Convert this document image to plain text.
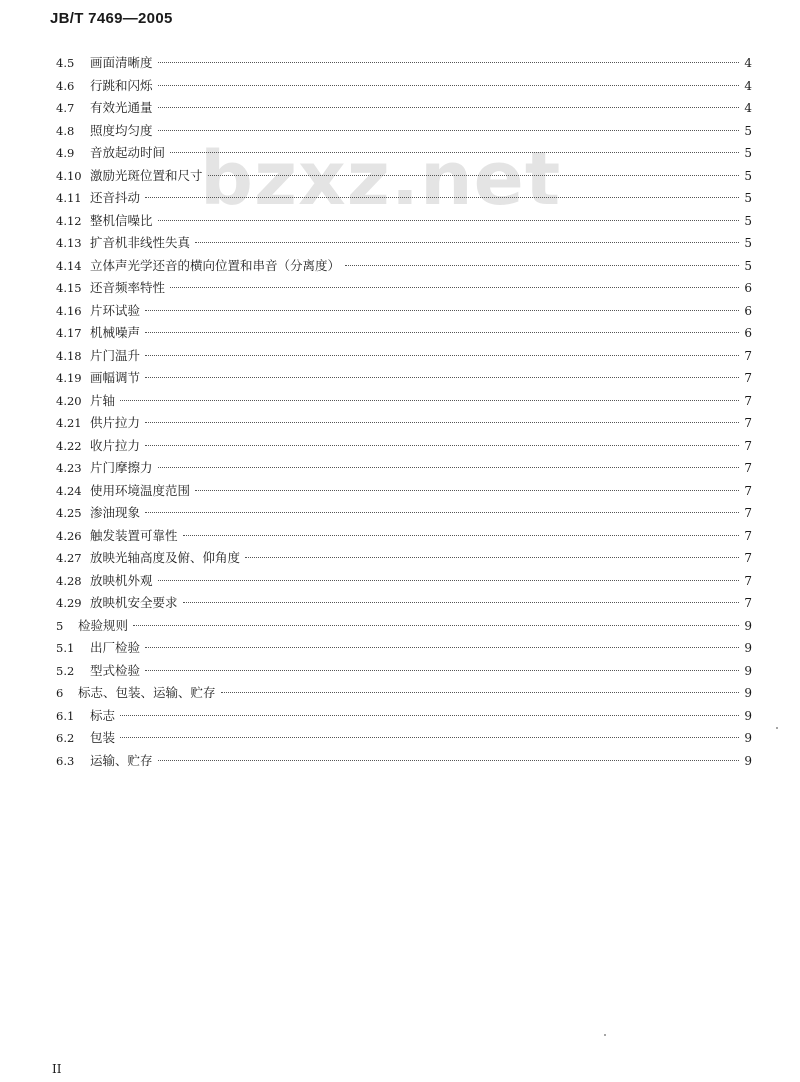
JB/T 7469—2005
bzxz.net
4.5	画面清晰度	4
4.6	行跳和闪烁	4
4.7	有效光通量	4
4.8	照度均匀度	5
4.9	音放起动时间	5
4.10 激励光斑位置和尺寸	5
4.11 还音抖动	5
4.12 整机信噪比	5
4.13 扩音机非线性失真	5
4.14 立体声光学还音的横向位置和串音（分离度）	5
4.15 还音频率特性	6
4.16 片环试验	6
4.17 机械噪声	6
4.18 片门温升	7
4.19 画幅调节	7
4.20 片轴	7
4.21 供片拉力	7
4.22 收片拉力	7
4.23 片门摩擦力	7
4.24 使用环境温度范围	7
4.25 渗油现象	7
4.26 触发装置可靠性	7
4.27 放映光轴高度及俯、仰角度	7
4.28 放映机外观	7
4.29 放映机安全要求	7
5	检验规则	9
5.1	出厂检验	9
5.2	型式检验	9
6	标志、包装、运输、贮存	9
6.1	标志	9
6.2	包装	9
6.3	运输、贮存	9
II
